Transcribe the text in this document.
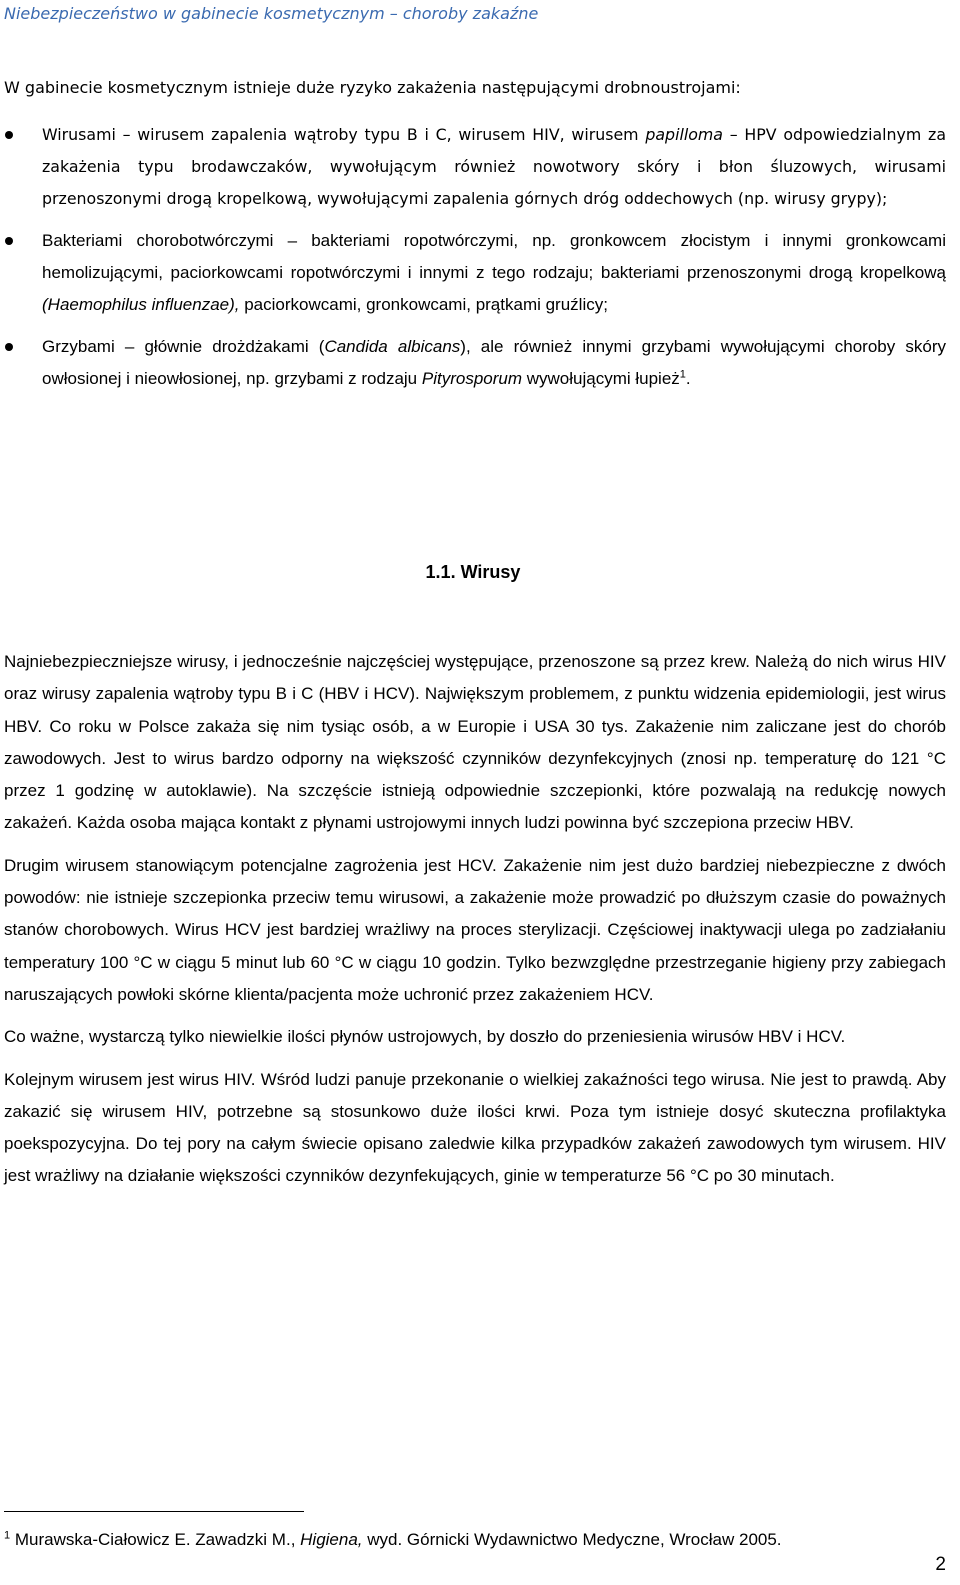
Niebezpieczeństwo w gabinecie kosmetycznym – choroby zakaźne
W gabinecie kosmetycznym istnieje duże ryzyko zakażenia następującymi drobnoustrojami:
Wirusami – wirusem zapalenia wątroby typu B i C, wirusem HIV, wirusem papilloma – HPV odpowiedzialnym za zakażenia typu brodawczaków, wywołującym również nowotwory skóry i błon śluzowych, wirusami przenoszonymi drogą kropelkową, wywołującymi zapalenia górnych dróg oddechowych (np. wirusy grypy);
Bakteriami chorobotwórczymi – bakteriami ropotwórczymi, np. gronkowcem złocistym i innymi gronkowcami hemolizującymi, paciorkowcami ropotwórczymi i innymi z tego rodzaju; bakteriami przenoszonymi drogą kropelkową (Haemophilus influenzae), paciorkowcami, gronkowcami, prątkami gruźlicy;
Grzybami – głównie drożdżakami (Candida albicans), ale również innymi grzybami wywołującymi choroby skóry owłosionej i nieowłosionej, np. grzybami z rodzaju Pityrosporum wywołującymi łupież$^1$.
1.1. Wirusy

Najniebezpieczniejsze wirusy, i jednocześnie najczęściej występujące, przenoszone są przez krew. Należą do nich wirus HIV oraz wirusy zapalenia wątroby typu B i C (HBV i HCV). Największym problemem, z punktu widzenia epidemiologii, jest wirus HBV. Co roku w Polsce zakaża się nim tysiąc osób, a w Europie i USA 30 tys. Zakażenie nim zaliczane jest do chorób zawodowych. Jest to wirus bardzo odporny na większość czynników dezynfekcyjnych (znosi np. temperaturę do 121 °C przez 1 godzinę w autoklawie). Na szczęście istnieją odpowiednie szczepionki, które pozwalają na redukcję nowych zakażeń. Każda osoba mająca kontakt z płynami ustrojowymi innych ludzi powinna być szczepiona przeciw HBV.

Drugim wirusem stanowiącym potencjalne zagrożenia jest HCV. Zakażenie nim jest dużo bardziej niebezpieczne z dwóch powodów: nie istnieje szczepionka przeciw temu wirusowi, a zakażenie może prowadzić po dłuższym czasie do poważnych stanów chorobowych. Wirus HCV jest bardziej wrażliwy na proces sterylizacji. Częściowej inaktywacji ulega po zadziałaniu temperatury 100 °C w ciągu 5 minut lub 60 °C w ciągu 10 godzin. Tylko bezwzględne przestrzeganie higieny przy zabiegach naruszających powłoki skórne klienta/pacjenta może uchronić przez zakażeniem HCV.

Co ważne, wystarczą tylko niewielkie ilości płynów ustrojowych, by doszło do przeniesienia wirusów HBV i HCV.

Kolejnym wirusem jest wirus HIV. Wśród ludzi panuje przekonanie o wielkiej zakaźności tego wirusa. Nie jest to prawdą. Aby zakazić się wirusem HIV, potrzebne są stosunkowo duże ilości krwi. Poza tym istnieje dosyć skuteczna profilaktyka poekspozycyjna. Do tej pory na całym świecie opisano zaledwie kilka przypadków zakażeń zawodowych tym wirusem. HIV jest wrażliwy na działanie większości czynników dezynfekujących, ginie w temperaturze 56 °C po 30 minutach.

$^1$ Murawska-Ciałowicz E. Zawadzki M., Higiena, wyd. Górnicki Wydawnictwo Medyczne, Wrocław 2005.
2
